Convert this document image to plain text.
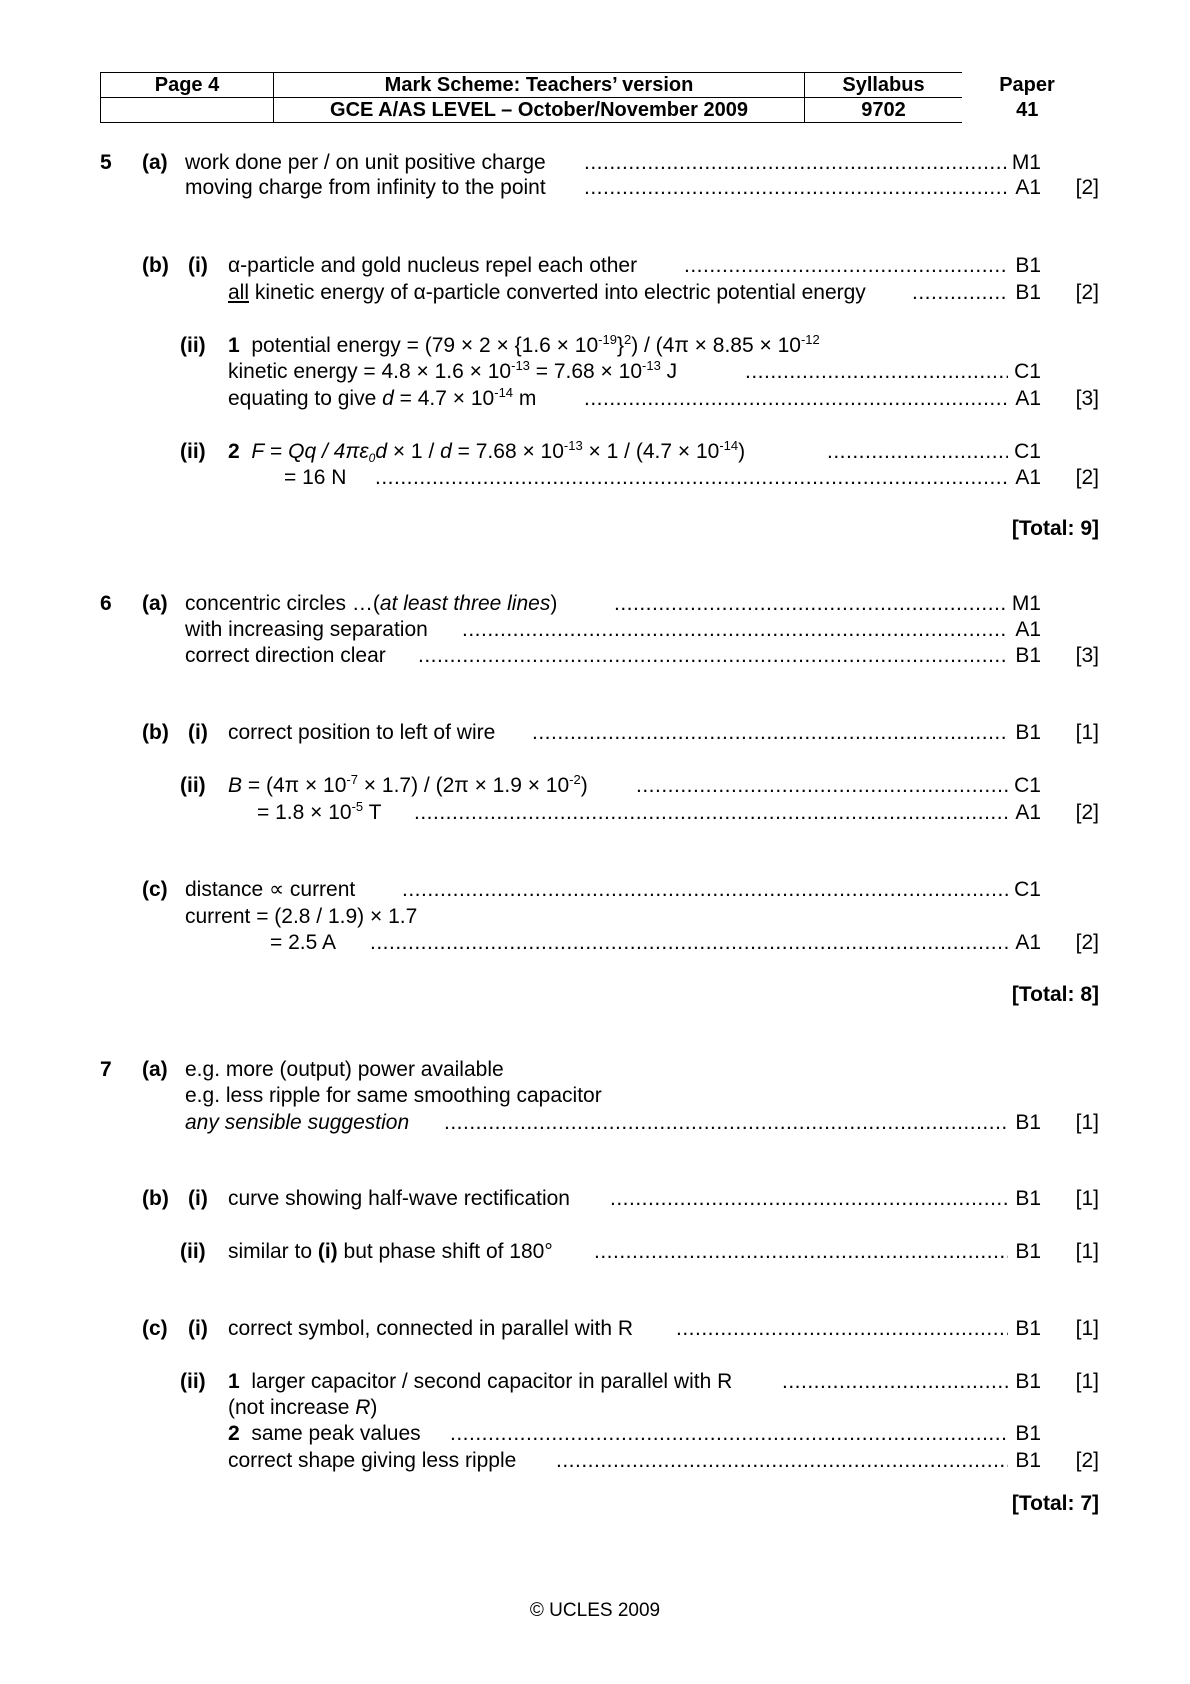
Page 4	Mark Scheme: Teachers’ version	Syllabus	Paper
	GCE A/AS LEVEL – October/November 2009	9702	41
5 (a) work done per / on unit positive charge .....	M1
moving charge from infinity to the point .....	A1	[2]
(b) (i) α-particle and gold nucleus repel each other .....	B1
all kinetic energy of α-particle converted into electric potential energy .....	B1	[2]
(ii) 1 potential energy = $(79 \times 2 \times \{1.6 \times 10^{-19}\}^2) / (4\pi \times 8.85 \times 10^{-12}$
kinetic energy = $4.8 \times 1.6 \times 10^{-13} = 7.68 \times 10^{-13}$ J .....	C1
equating to give $d = 4.7 \times 10^{-14}$ m .....	A1	[3]
(ii) 2 $F = Qq / 4\pi\varepsilon_0d \times 1 / d = 7.68 \times 10^{-13} \times 1 / (4.7 \times 10^{-14})$ .....	C1
= 16 N .....	A1	[2]
[Total: 9]
6 (a) concentric circles …(at least three lines) .....	M1
with increasing separation .....	A1
correct direction clear .....	B1	[3]
(b) (i) correct position to left of wire .....	B1	[1]
(ii) $B = (4\pi \times 10^{-7} \times 1.7) / (2\pi \times 1.9 \times 10^{-2})$ .....	C1
= $1.8 \times 10^{-5}$ T .....	A1	[2]
(c) distance ∝ current .....	C1
current = (2.8 / 1.9) × 1.7
= 2.5 A .....	A1	[2]
[Total: 8]
7 (a) e.g. more (output) power available
e.g. less ripple for same smoothing capacitor
any sensible suggestion .....	B1	[1]
(b) (i) curve showing half-wave rectification .....	B1	[1]
(ii) similar to (i) but phase shift of 180° .....	B1	[1]
(c) (i) correct symbol, connected in parallel with R .....	B1	[1]
(ii) 1 larger capacitor / second capacitor in parallel with R .....	B1	[1]
(not increase R)
2 same peak values .....	B1
correct shape giving less ripple .....	B1	[2]
[Total: 7]
© UCLES 2009
